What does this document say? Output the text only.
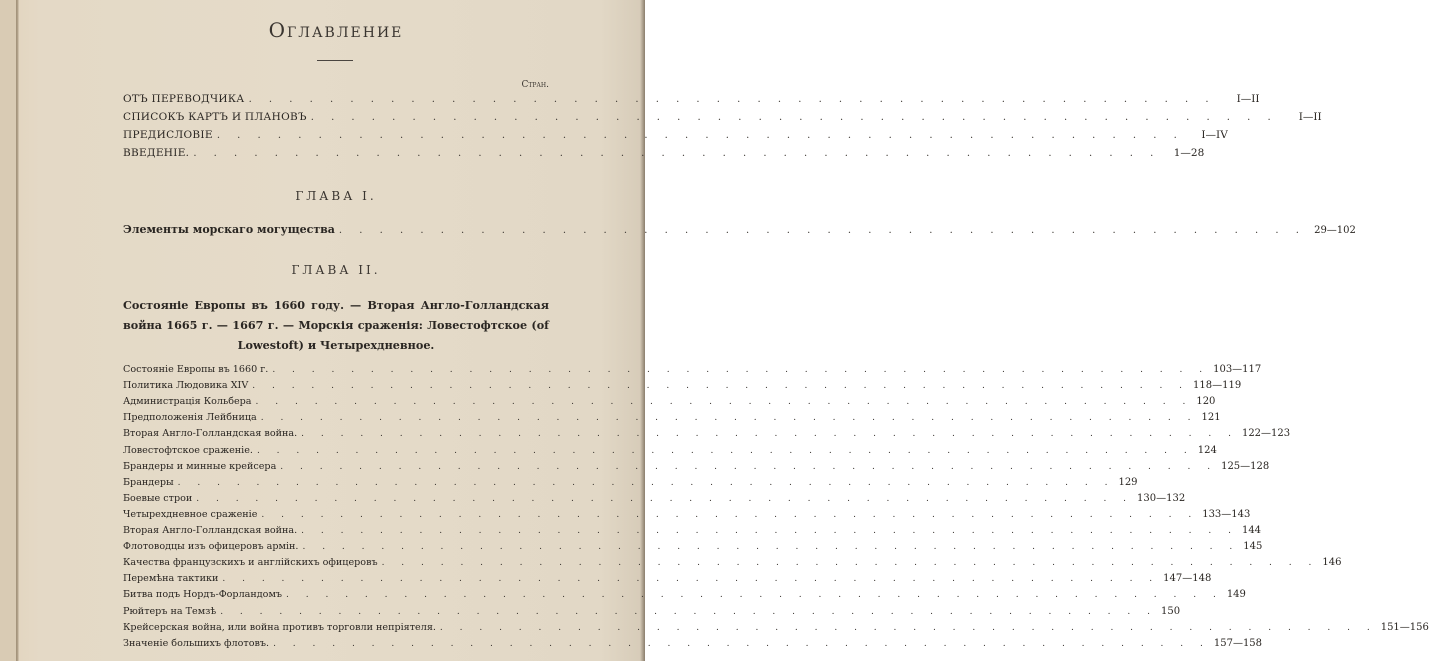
Оглавление
Стран.
ОТЪ ПЕРЕВОДЧИКА . . . . . . . . . . . . . . . . . . . . . . . . . . . . . . . . . . . . . . . . . . . . . . . .	I—II
СПИСОКЪ КАРТЪ И ПЛАНОВЪ . . . . . . . . . . . . . . . . . . . . . . . . . . . . . . . . . . . . . . . . . . . . . . . .	I—II
ПРЕДИСЛОВІЕ . . . . . . . . . . . . . . . . . . . . . . . . . . . . . . . . . . . . . . . . . . . . . . . .	I—IV
ВВЕДЕНІЕ. . . . . . . . . . . . . . . . . . . . . . . . . . . . . . . . . . . . . . . . . . . . . . . . .	1—28
ГЛАВА I.
Элементы морскаго могущества . . . . . . . . . . . . . . . . . . . . . . . . . . . . . . . . . . . . . . . . . . . . . . . . 29—102
ГЛАВА II.
Состояніе Европы въ 1660 году. — Вторая Англо-Голландская война 1665 г. — 1667 г. — Морскія сраженія: Ловестофтское (of Lowestoft) и Четырехдневное.
Состояніе Европы въ 1660 г. . . . . . . . . . . . . . . . . . . . . . . . . . . . . . . . . . . . . . . . . . . . . . . . . 103—117
Политика Людовика XIV . . . . . . . . . . . . . . . . . . . . . . . . . . . . . . . . . . . . . . . . . . . . . . . . 118—119
Администрація Кольбера . . . . . . . . . . . . . . . . . . . . . . . . . . . . . . . . . . . . . . . . . . . . . . . . 120
Предположенія Лейбница . . . . . . . . . . . . . . . . . . . . . . . . . . . . . . . . . . . . . . . . . . . . . . . . 121
Вторая Англо-Голландская война. . . . . . . . . . . . . . . . . . . . . . . . . . . . . . . . . . . . . . . . . . . . . . . . . 122—123
Ловестофтское сраженіе. . . . . . . . . . . . . . . . . . . . . . . . . . . . . . . . . . . . . . . . . . . . . . . . . 124
Брандеры и минные крейсера . . . . . . . . . . . . . . . . . . . . . . . . . . . . . . . . . . . . . . . . . . . . . . . . 125—128
Брандеры . . . . . . . . . . . . . . . . . . . . . . . . . . . . . . . . . . . . . . . . . . . . . . . . 129
Боевые строи . . . . . . . . . . . . . . . . . . . . . . . . . . . . . . . . . . . . . . . . . . . . . . . . 130—132
Четырехдневное сраженіе . . . . . . . . . . . . . . . . . . . . . . . . . . . . . . . . . . . . . . . . . . . . . . . . 133—143
Вторая Англо-Голландская война. . . . . . . . . . . . . . . . . . . . . . . . . . . . . . . . . . . . . . . . . . . . . . . . . 144
Флотоводцы изъ офицеровъ армін. . . . . . . . . . . . . . . . . . . . . . . . . . . . . . . . . . . . . . . . . . . . . . . . . 145
Качества французскихъ и англійскихъ офицеровъ . . . . . . . . . . . . . . . . . . . . . . . . . . . . . . . . . . . . . . . . . . . . . . . . 146
Перемѣна тактики . . . . . . . . . . . . . . . . . . . . . . . . . . . . . . . . . . . . . . . . . . . . . . . . 147—148
Битва подъ Нордъ-Форландомъ . . . . . . . . . . . . . . . . . . . . . . . . . . . . . . . . . . . . . . . . . . . . . . . . 149
Рюйтеръ на Темзѣ . . . . . . . . . . . . . . . . . . . . . . . . . . . . . . . . . . . . . . . . . . . . . . . . 150
Крейсерская война, или война противъ торговли непріятеля. . . . . . . . . . . . . . . . . . . . . . . . . . . . . . . . . . . . . . . . . . . . . . . . . 151—156
Значеніе большихъ флотовъ. . . . . . . . . . . . . . . . . . . . . . . . . . . . . . . . . . . . . . . . . . . . . . . . . 157—158
